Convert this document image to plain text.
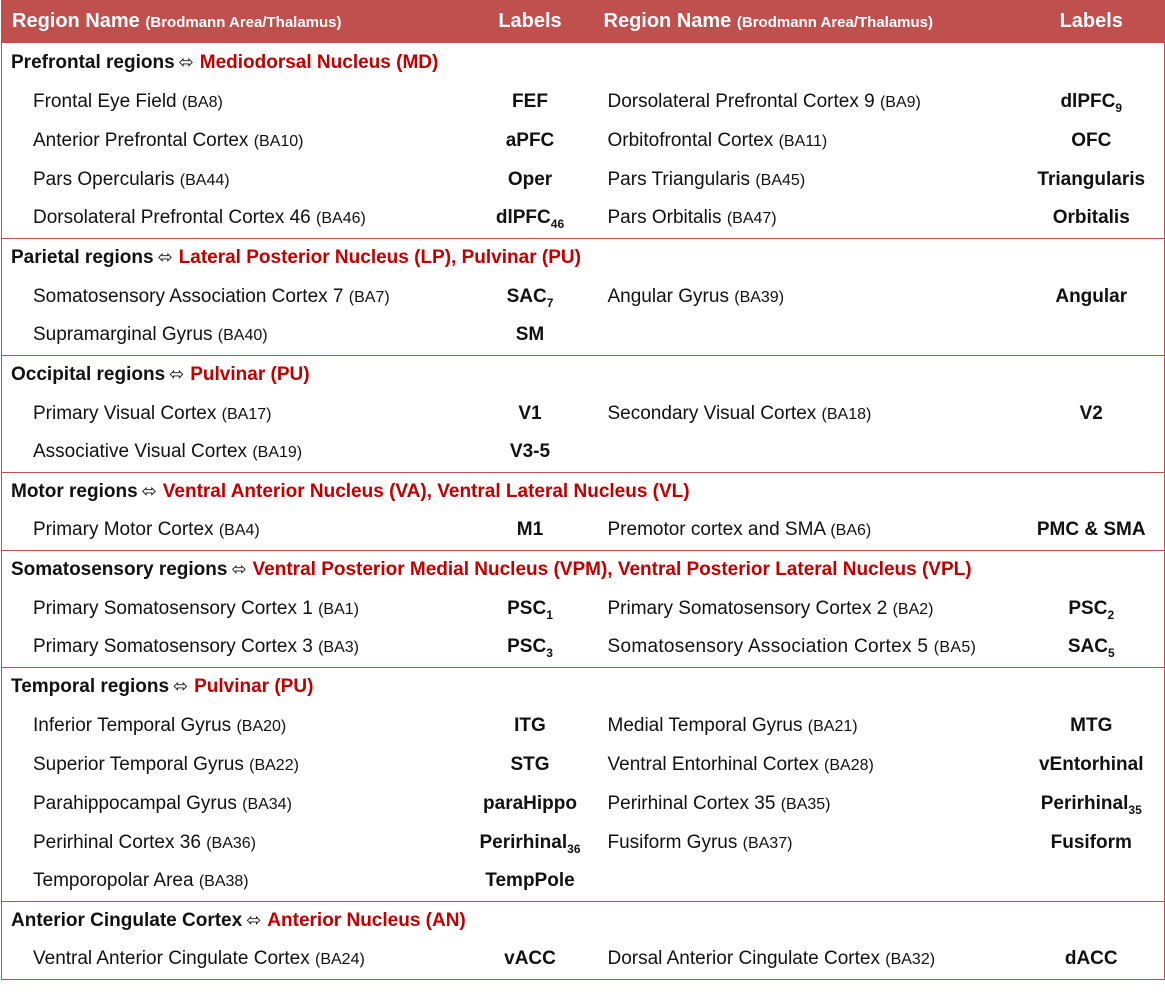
Region Name (Brodmann Area/Thalamus)	Labels	Region Name (Brodmann Area/Thalamus)	Labels
Prefrontal regions ⬄ Mediodorsal Nucleus (MD)			
Frontal Eye Field (BA8)	FEF	Dorsolateral Prefrontal Cortex 9 (BA9)	dlPFC$_9$
Anterior Prefrontal Cortex (BA10)	aPFC	Orbitofrontal Cortex (BA11)	OFC
Pars Opercularis (BA44)	Oper	Pars Triangularis (BA45)	Triangularis
Dorsolateral Prefrontal Cortex 46 (BA46)	dlPFC$_{46}$	Pars Orbitalis (BA47)	Orbitalis
Parietal regions ⬄ Lateral Posterior Nucleus (LP), Pulvinar (PU)			
Somatosensory Association Cortex 7 (BA7)	$SAC_7$	Angular Gyrus (BA39)	Angular
Supramarginal Gyrus (BA40)	SM		
Occipital regions ⬄ Pulvinar (PU)			
Primary Visual Cortex (BA17)	V1	Secondary Visual Cortex (BA18)	V2
Associative Visual Cortex (BA19)	V3-5		
Motor regions ⬄ Ventral Anterior Nucleus (VA), Ventral Lateral Nucleus (VL)			
Primary Motor Cortex (BA4)	M1	Premotor cortex and SMA (BA6)	PMC & SMA
Somatosensory regions ⬄ Ventral Posterior Medial Nucleus (VPM), Ventral Posterior Lateral Nucleus (VPL)			
Primary Somatosensory Cortex 1 (BA1)	$PSC_1$	Primary Somatosensory Cortex 2 (BA2)	$PSC_2$
Primary Somatosensory Cortex 3 (BA3)	$PSC_3$	Somatosensory Association Cortex 5 (BA5)	$SAC_5$
Temporal regions ⬄ Pulvinar (PU)			
Inferior Temporal Gyrus (BA20)	ITG	Medial Temporal Gyrus (BA21)	MTG
Superior Temporal Gyrus (BA22)	STG	Ventral Entorhinal Cortex (BA28)	vEntorhinal
Parahippocampal Gyrus (BA34)	paraHippo	Perirhinal Cortex 35 (BA35)	Perirhinal$_{35}$
Perirhinal Cortex 36 (BA36)	Perirhinal$_{36}$	Fusiform Gyrus (BA37)	Fusiform
Temporopolar Area (BA38)	TempPole		
Anterior Cingulate Cortex ⬄ Anterior Nucleus (AN)			
Ventral Anterior Cingulate Cortex (BA24)	vACC	Dorsal Anterior Cingulate Cortex (BA32)	dACC
